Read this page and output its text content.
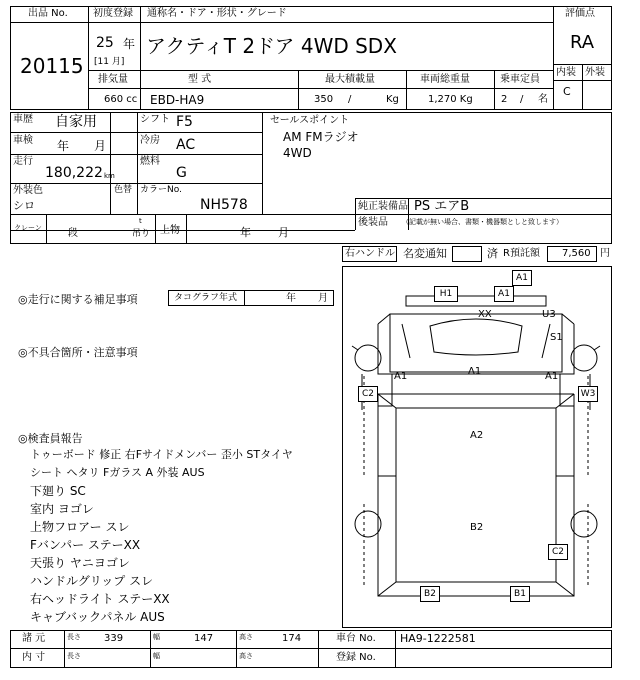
出品 No.
20115
初度登録 通称名・ドア・形状・グレード
25 年
[11 月]
アクティT 2ドア 4WD SDX
評価点
RA
内装 外装
C
排気量	型 式	最大積載量	車両総重量	乗車定員
660 cc EBD-HA9	350 /	Kg	1,270 Kg	2 / 名
車歴 自家用	シフト F5
車検 年 月	冷房 AC
走行
180,222 km
燃料
G
外装色
シロ
色替 カラーNo.
NH578
セールスポイント
AM FMラジオ
4WD
純正装備品 PS エアB
後装品 （記載が無い場合、書類・機器類としと致します）
クレーン	段
t
吊り 上物	年 月
右ハンドル 名変通知	済 R預託額 7,560 円
◎走行に関する補足事項	タコグラフ年式	年 月
◎不具合箇所・注意事項
◎検査員報告
トゥーボード 修正 右Fサイドメンバー 歪小 STタイヤ
シート ヘタリ Fガラス A 外装 AUS
下廻り SC
室内 ヨゴレ
上物フロアー スレ
Fバンパー ステーXX
天張り ヤニヨゴレ
ハンドルグリップ スレ
右ヘッドライト ステーXX
キャブバックパネル AUS
A1
H1	A1
XX	U3
S1
A1	A1	A1
C2	W3
A2
B2
C2
B2	B1
諸 元	長さ 339	幅	147	高さ	174	車台 No. HA9-1222581
内 寸	長さ	幅	高さ	登録 No.
